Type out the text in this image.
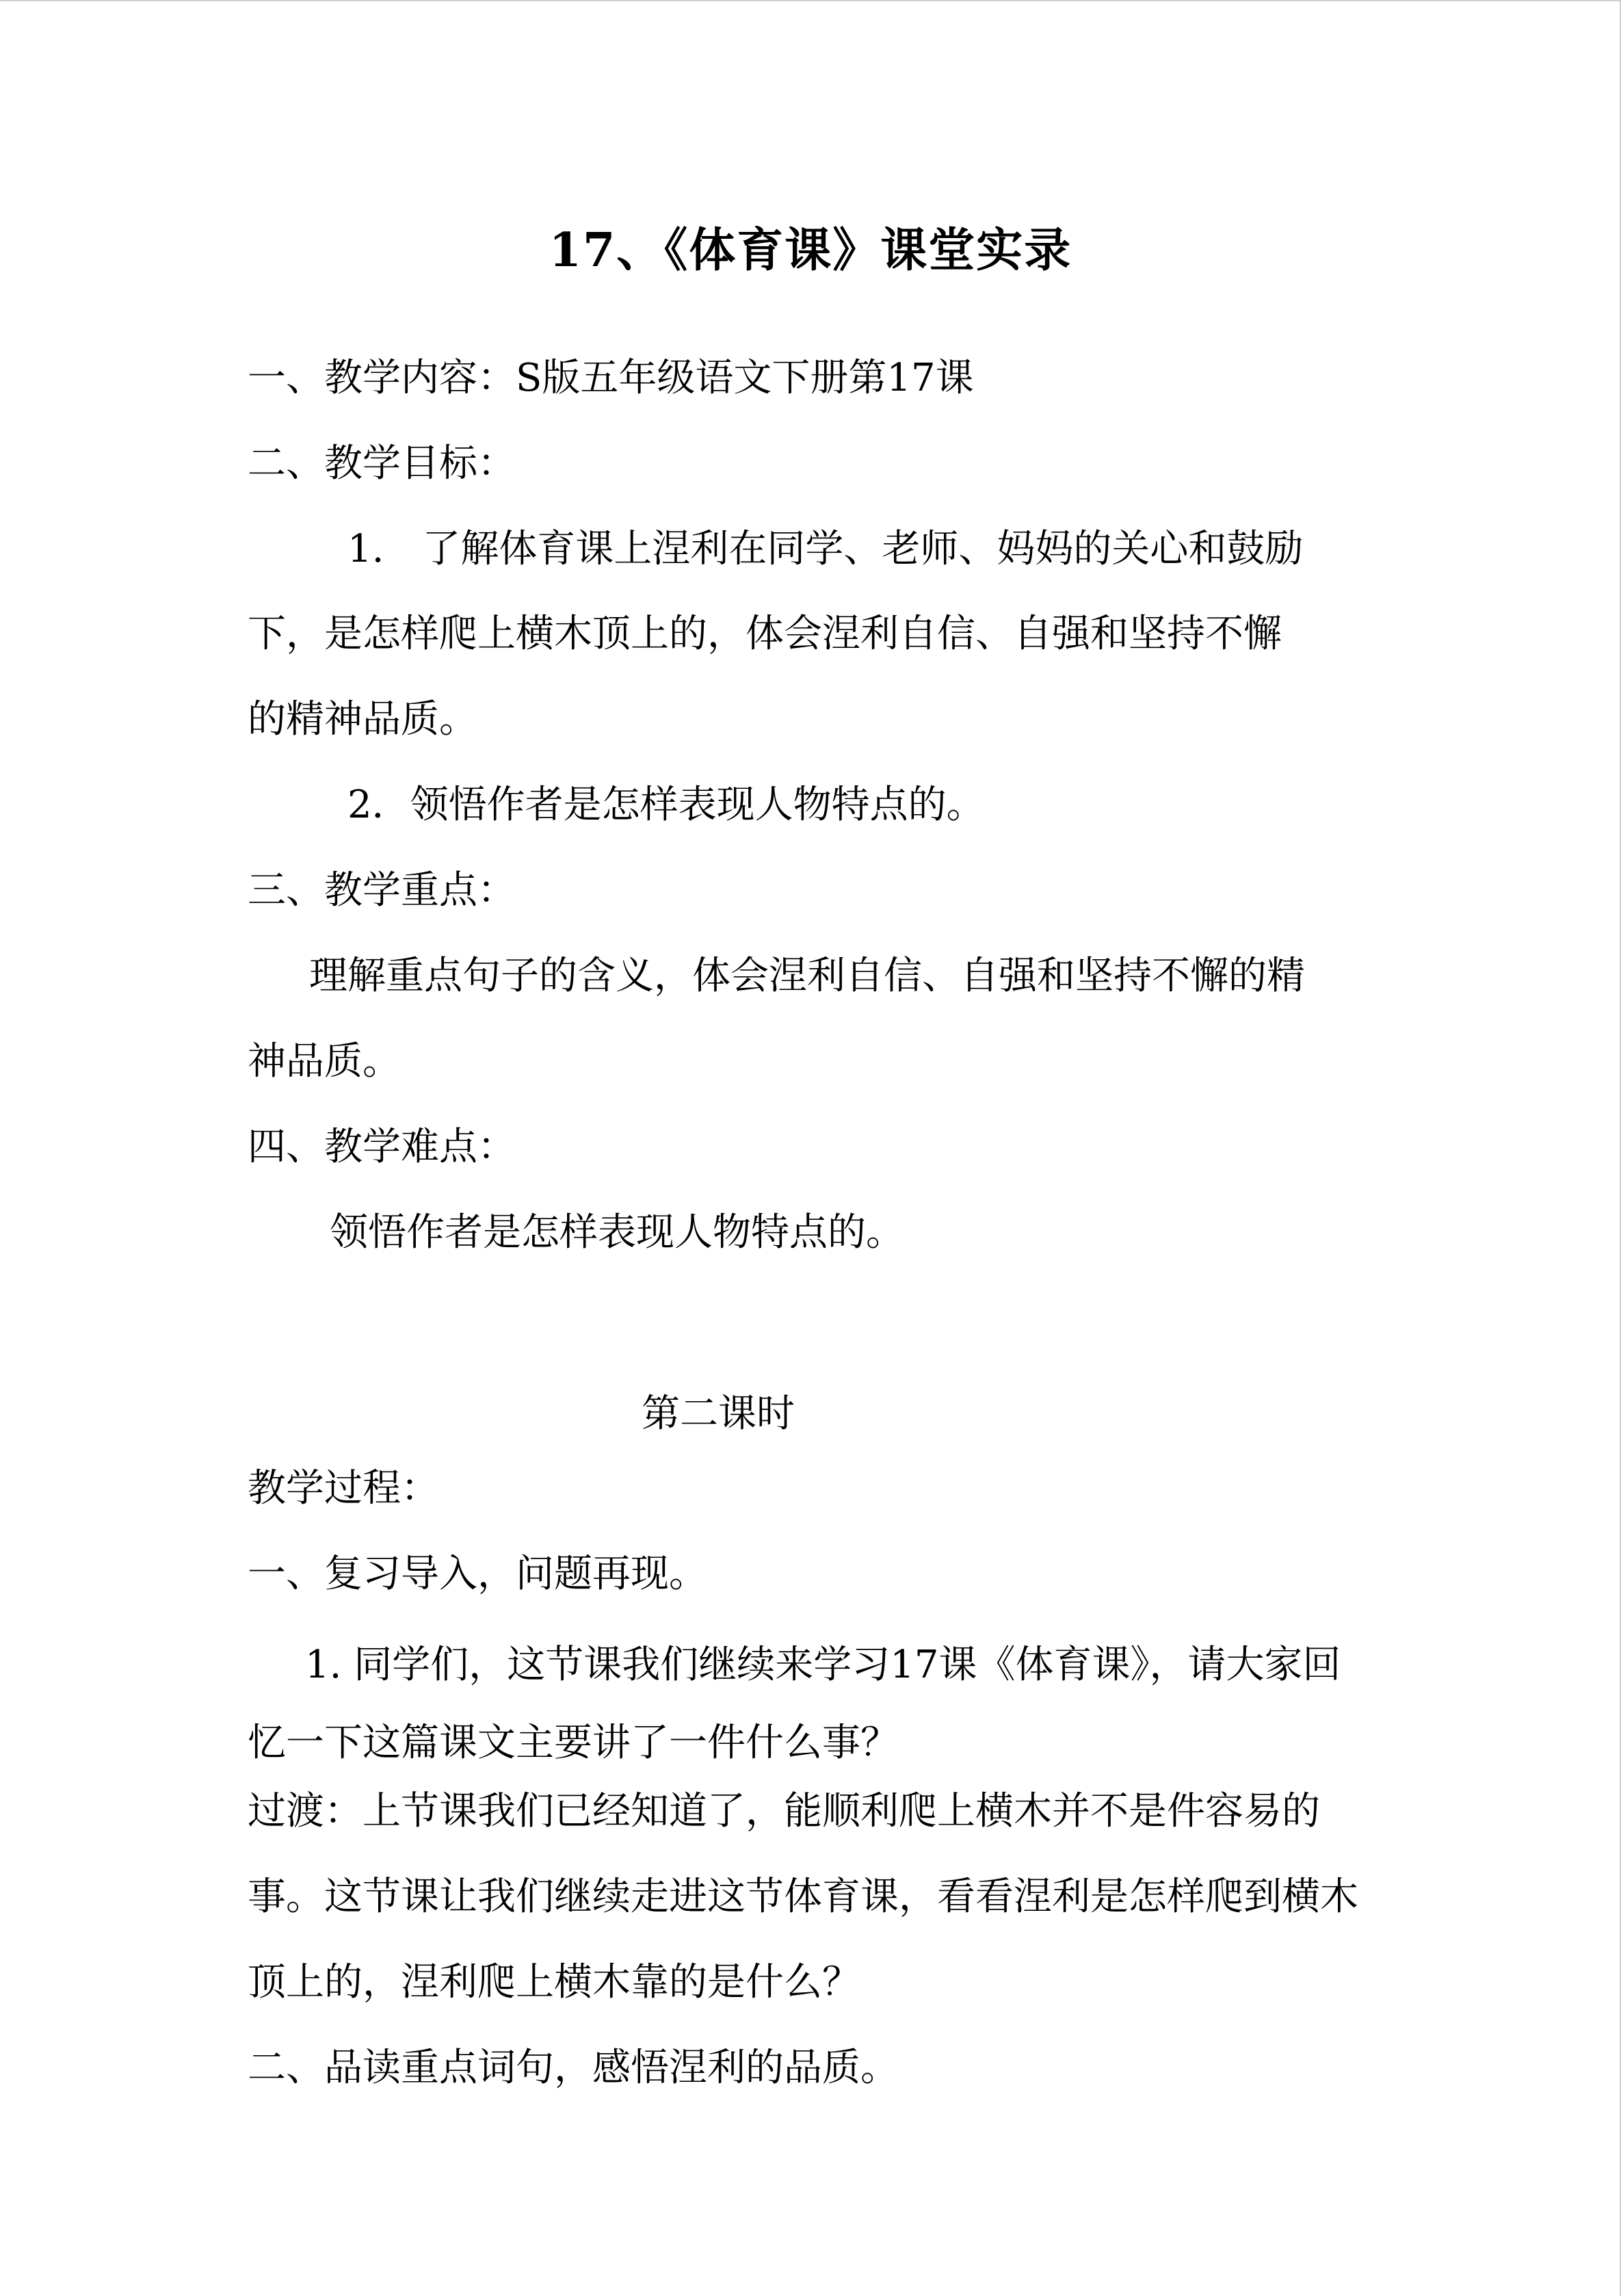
17、《体育课》课堂实录
一、教学内容：S版五年级语文下册第17课
二、教学目标：
1.　了解体育课上涅利在同学、老师、妈妈的关心和鼓励
下，是怎样爬上横木顶上的，体会涅利自信、自强和坚持不懈
的精神品质。
2．领悟作者是怎样表现人物特点的。
三、教学重点：
理解重点句子的含义，体会涅利自信、自强和坚持不懈的精
神品质。
四、教学难点：
领悟作者是怎样表现人物特点的。
第二课时
教学过程：
一、复习导入，问题再现。
1. 同学们，这节课我们继续来学习17课《体育课》，请大家回
忆一下这篇课文主要讲了一件什么事？
过渡：上节课我们已经知道了，能顺利爬上横木并不是件容易的
事。这节课让我们继续走进这节体育课，看看涅利是怎样爬到横木
顶上的，涅利爬上横木靠的是什么？
二、品读重点词句，感悟涅利的品质。
